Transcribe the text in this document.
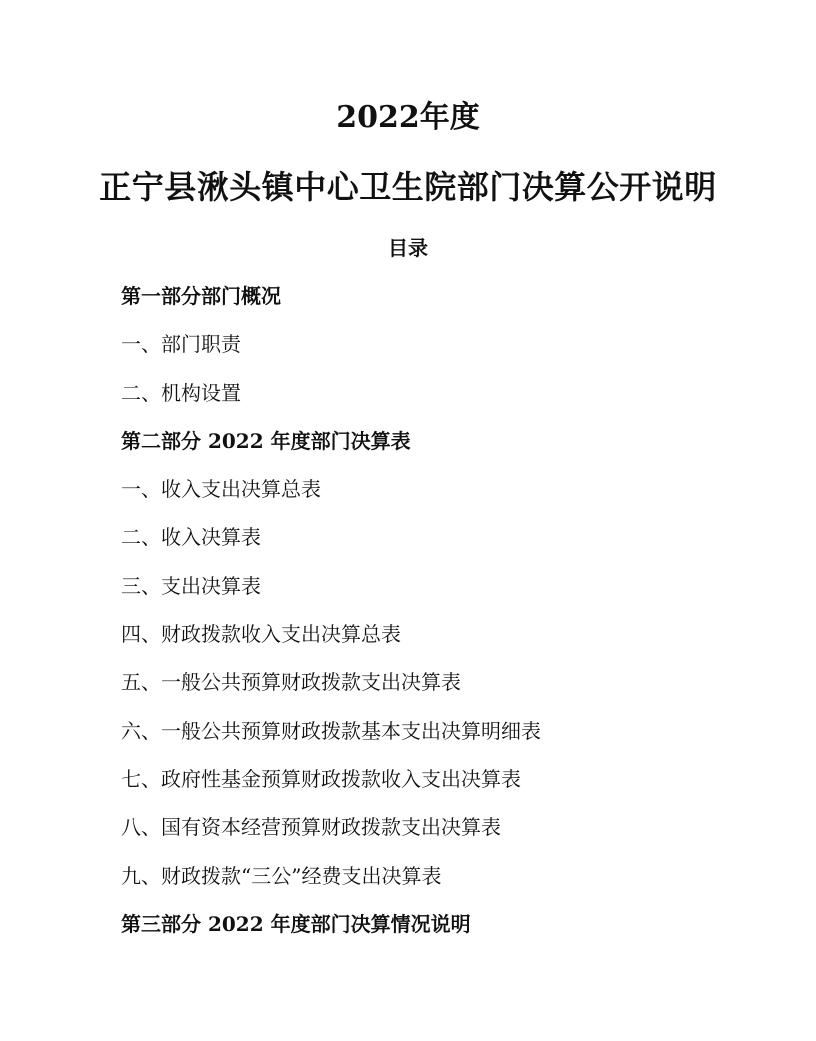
2022年度
正宁县湫头镇中心卫生院部门决算公开说明
目录
第一部分部门概况
一、部门职责
二、机构设置
第二部分 2022 年度部门决算表
一、收入支出决算总表
二、收入决算表
三、支出决算表
四、财政拨款收入支出决算总表
五、一般公共预算财政拨款支出决算表
六、一般公共预算财政拨款基本支出决算明细表
七、政府性基金预算财政拨款收入支出决算表
八、国有资本经营预算财政拨款支出决算表
九、财政拨款“三公”经费支出决算表
第三部分 2022 年度部门决算情况说明
